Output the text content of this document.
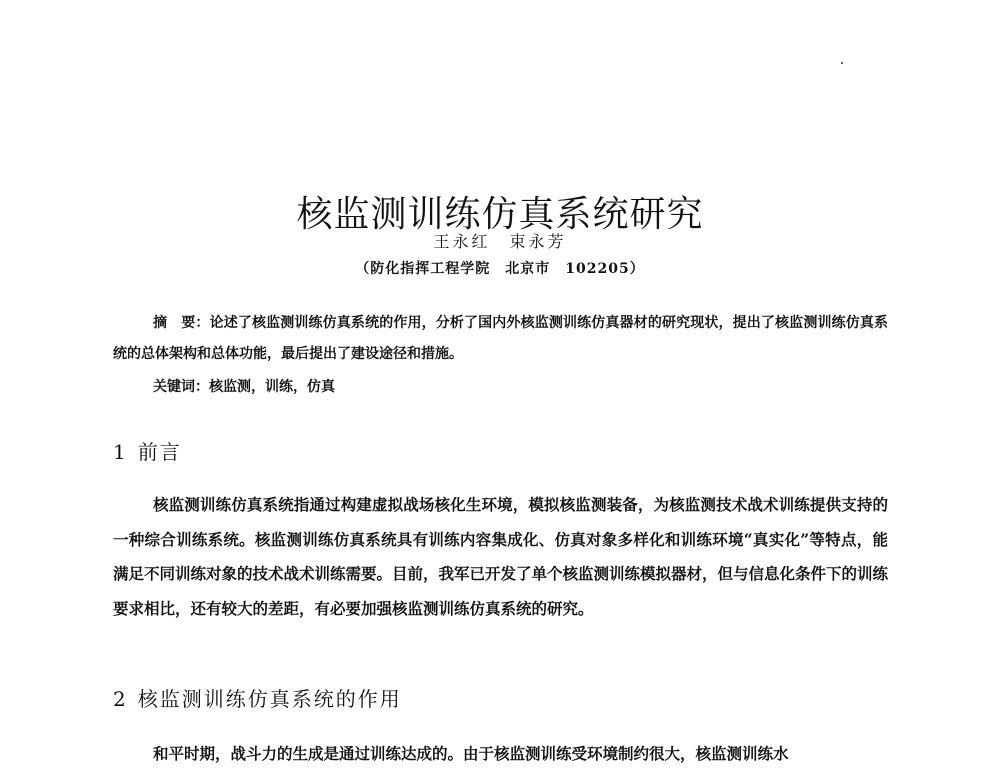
核监测训练仿真系统研究
王永红　束永芳
（防化指挥工程学院　北京市　102205）

摘　要：论述了核监测训练仿真系统的作用，分析了国内外核监测训练仿真器材的研究现状，提出了核监测训练仿真系统的总体架构和总体功能，最后提出了建设途径和措施。

关键词：核监测，训练，仿真

1 前言

核监测训练仿真系统指通过构建虚拟战场核化生环境，模拟核监测装备，为核监测技术战术训练提供支持的一种综合训练系统。核监测训练仿真系统具有训练内容集成化、仿真对象多样化和训练环境“真实化”等特点，能满足不同训练对象的技术战术训练需要。目前，我军已开发了单个核监测训练模拟器材，但与信息化条件下的训练要求相比，还有较大的差距，有必要加强核监测训练仿真系统的研究。

2 核监测训练仿真系统的作用

和平时期，战斗力的生成是通过训练达成的。由于核监测训练受环境制约很大，核监测训练水
